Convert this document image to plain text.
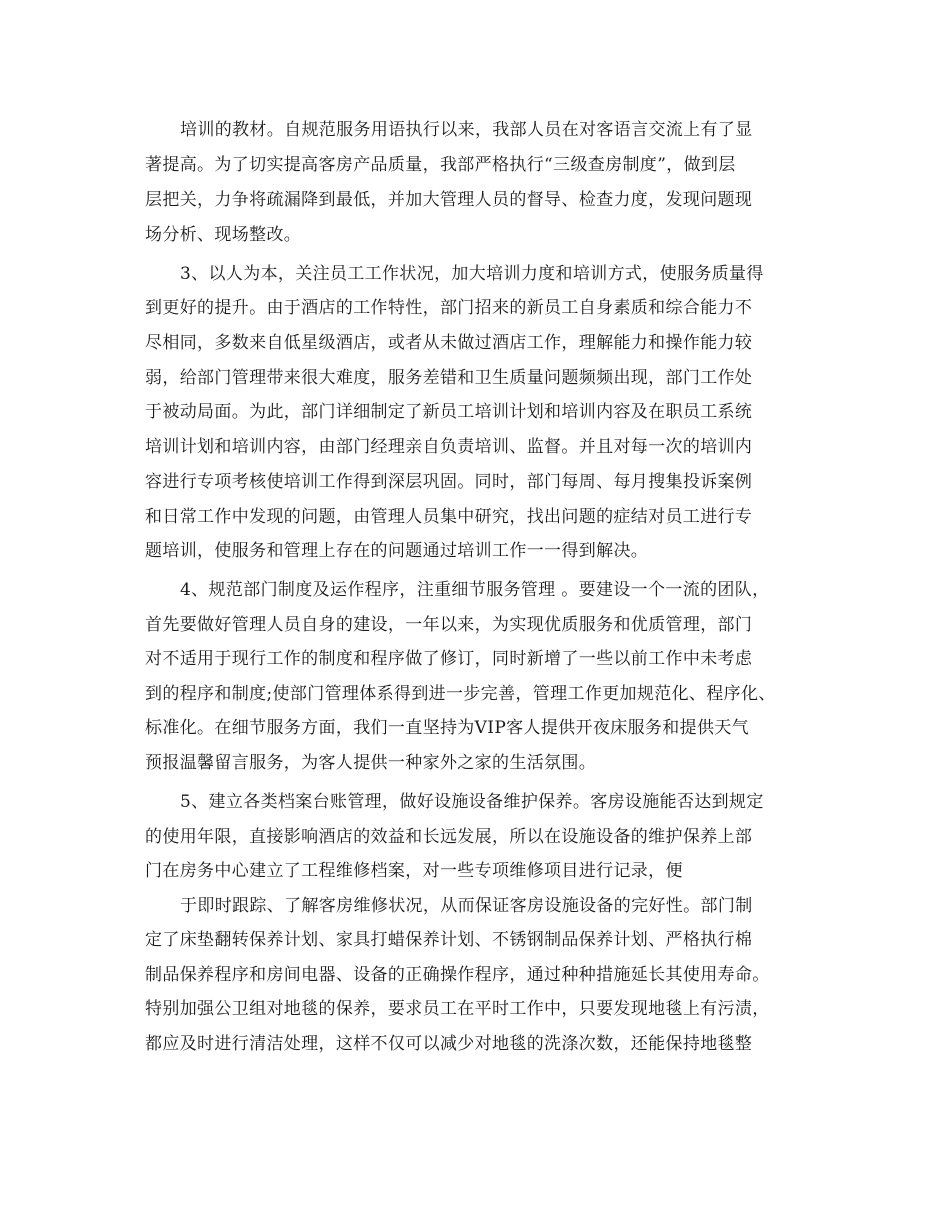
培训的教材。自规范服务用语执行以来，我部人员在对客语言交流上有了显
著提高。为了切实提高客房产品质量，我部严格执行“三级查房制度”，做到层
层把关，力争将疏漏降到最低，并加大管理人员的督导、检查力度，发现问题现
场分析、现场整改。
3、以人为本，关注员工工作状况，加大培训力度和培训方式，使服务质量得
到更好的提升。由于酒店的工作特性，部门招来的新员工自身素质和综合能力不
尽相同，多数来自低星级酒店，或者从未做过酒店工作，理解能力和操作能力较
弱，给部门管理带来很大难度，服务差错和卫生质量问题频频出现，部门工作处
于被动局面。为此，部门详细制定了新员工培训计划和培训内容及在职员工系统
培训计划和培训内容，由部门经理亲自负责培训、监督。并且对每一次的培训内
容进行专项考核使培训工作得到深层巩固。同时，部门每周、每月搜集投诉案例
和日常工作中发现的问题，由管理人员集中研究，找出问题的症结对员工进行专
题培训，使服务和管理上存在的问题通过培训工作一一得到解决。
4、规范部门制度及运作程序，注重细节服务管理 。要建设一个一流的团队，
首先要做好管理人员自身的建设，一年以来，为实现优质服务和优质管理，部门
对不适用于现行工作的制度和程序做了修订，同时新增了一些以前工作中未考虑
到的程序和制度;使部门管理体系得到进一步完善，管理工作更加规范化、程序化、
标准化。在细节服务方面，我们一直坚持为VIP客人提供开夜床服务和提供天气
预报温馨留言服务，为客人提供一种家外之家的生活氛围。
5、建立各类档案台账管理，做好设施设备维护保养。客房设施能否达到规定
的使用年限，直接影响酒店的效益和长远发展，所以在设施设备的维护保养上部
门在房务中心建立了工程维修档案，对一些专项维修项目进行记录，便
于即时跟踪、了解客房维修状况，从而保证客房设施设备的完好性。部门制
定了床垫翻转保养计划、家具打蜡保养计划、不锈钢制品保养计划、严格执行棉
制品保养程序和房间电器、设备的正确操作程序，通过种种措施延长其使用寿命。
特别加强公卫组对地毯的保养，要求员工在平时工作中，只要发现地毯上有污渍，
都应及时进行清洁处理，这样不仅可以减少对地毯的洗涤次数，还能保持地毯整
